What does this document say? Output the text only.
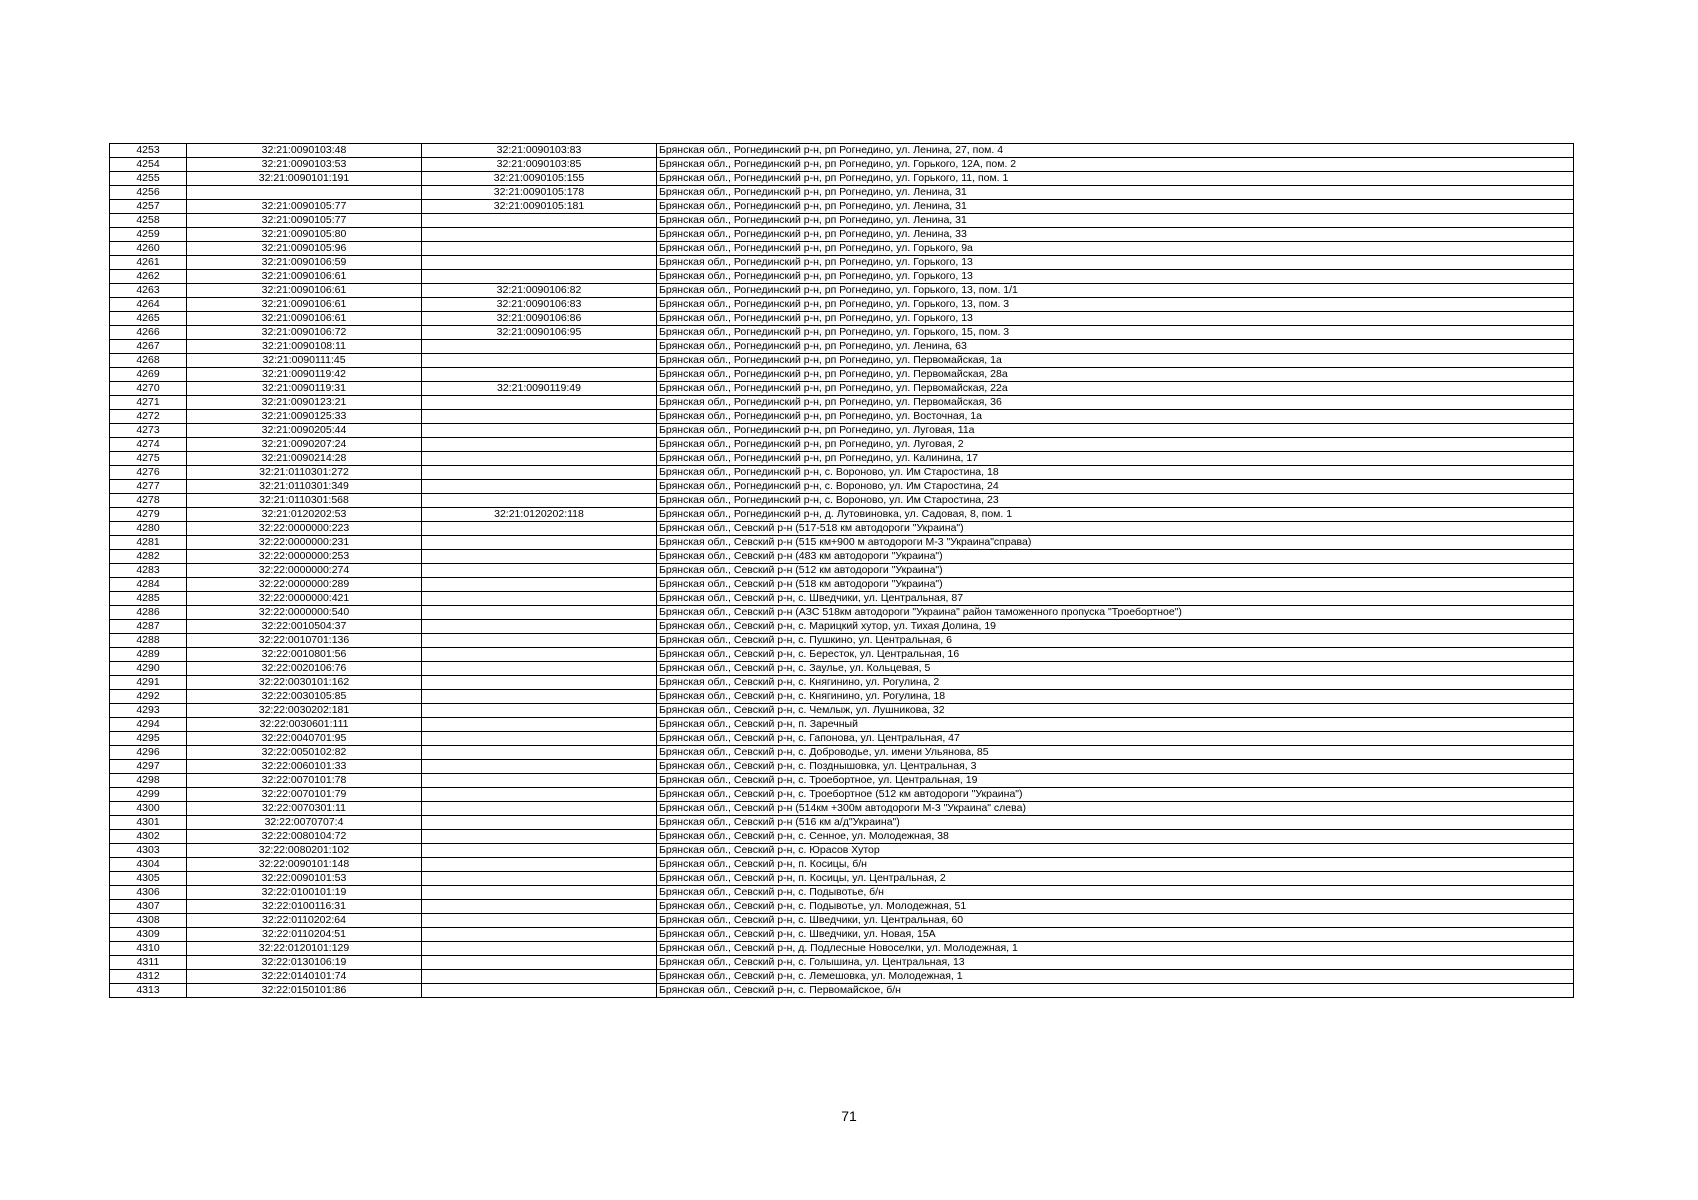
4253	32:21:0090103:48	32:21:0090103:83	Брянская обл., Рогнединский р-н, рп Рогнедино, ул. Ленина, 27, пом. 4
4254	32:21:0090103:53	32:21:0090103:85	Брянская обл., Рогнединский р-н, рп Рогнедино, ул. Горького, 12А, пом. 2
4255	32:21:0090101:191	32:21:0090105:155	Брянская обл., Рогнединский р-н, рп Рогнедино, ул. Горького, 11, пом. 1
4256		32:21:0090105:178	Брянская обл., Рогнединский р-н, рп Рогнедино, ул. Ленина, 31
4257	32:21:0090105:77	32:21:0090105:181	Брянская обл., Рогнединский р-н, рп Рогнедино, ул. Ленина, 31
4258	32:21:0090105:77		Брянская обл., Рогнединский р-н, рп Рогнедино, ул. Ленина, 31
4259	32:21:0090105:80		Брянская обл., Рогнединский р-н, рп Рогнедино, ул. Ленина, 33
4260	32:21:0090105:96		Брянская обл., Рогнединский р-н, рп Рогнедино, ул. Горького, 9а
4261	32:21:0090106:59		Брянская обл., Рогнединский р-н, рп Рогнедино, ул. Горького, 13
4262	32:21:0090106:61		Брянская обл., Рогнединский р-н, рп Рогнедино, ул. Горького, 13
4263	32:21:0090106:61	32:21:0090106:82	Брянская обл., Рогнединский р-н, рп Рогнедино, ул. Горького, 13, пом. 1/1
4264	32:21:0090106:61	32:21:0090106:83	Брянская обл., Рогнединский р-н, рп Рогнедино, ул. Горького, 13, пом. 3
4265	32:21:0090106:61	32:21:0090106:86	Брянская обл., Рогнединский р-н, рп Рогнедино, ул. Горького, 13
4266	32:21:0090106:72	32:21:0090106:95	Брянская обл., Рогнединский р-н, рп Рогнедино, ул. Горького, 15, пом. 3
4267	32:21:0090108:11		Брянская обл., Рогнединский р-н, рп Рогнедино, ул. Ленина, 63
4268	32:21:0090111:45		Брянская обл., Рогнединский р-н, рп Рогнедино, ул. Первомайская, 1а
4269	32:21:0090119:42		Брянская обл., Рогнединский р-н, рп Рогнедино, ул. Первомайская, 28а
4270	32:21:0090119:31	32:21:0090119:49	Брянская обл., Рогнединский р-н, рп Рогнедино, ул. Первомайская, 22а
4271	32:21:0090123:21		Брянская обл., Рогнединский р-н, рп Рогнедино, ул. Первомайская, 36
4272	32:21:0090125:33		Брянская обл., Рогнединский р-н, рп Рогнедино, ул. Восточная, 1а
4273	32:21:0090205:44		Брянская обл., Рогнединский р-н, рп Рогнедино, ул. Луговая, 11а
4274	32:21:0090207:24		Брянская обл., Рогнединский р-н, рп Рогнедино, ул. Луговая, 2
4275	32:21:0090214:28		Брянская обл., Рогнединский р-н, рп Рогнедино, ул. Калинина, 17
4276	32:21:0110301:272		Брянская обл., Рогнединский р-н, с. Вороново, ул. Им Старостина, 18
4277	32:21:0110301:349		Брянская обл., Рогнединский р-н, с. Вороново, ул. Им Старостина, 24
4278	32:21:0110301:568		Брянская обл., Рогнединский р-н, с. Вороново, ул. Им Старостина, 23
4279	32:21:0120202:53	32:21:0120202:118	Брянская обл., Рогнединский р-н, д. Лутовиновка, ул. Садовая, 8, пом. 1
4280	32:22:0000000:223		Брянская обл., Севский р-н (517-518 км автодороги "Украина")
4281	32:22:0000000:231		Брянская обл., Севский р-н (515 км+900 м автодороги М-3 "Украина"справа)
4282	32:22:0000000:253		Брянская обл., Севский р-н (483 км автодороги "Украина")
4283	32:22:0000000:274		Брянская обл., Севский р-н (512 км автодороги "Украина")
4284	32:22:0000000:289		Брянская обл., Севский р-н (518 км автодороги "Украина")
4285	32:22:0000000:421		Брянская обл., Севский р-н, с. Шведчики, ул. Центральная, 87
4286	32:22:0000000:540		Брянская обл., Севский р-н (АЗС 518км автодороги "Украина" район таможенного пропуска "Троебортное")
4287	32:22:0010504:37		Брянская обл., Севский р-н, с. Марицкий хутор, ул. Тихая Долина, 19
4288	32:22:0010701:136		Брянская обл., Севский р-н, с. Пушкино, ул. Центральная, 6
4289	32:22:0010801:56		Брянская обл., Севский р-н, с. Бересток, ул. Центральная, 16
4290	32:22:0020106:76		Брянская обл., Севский р-н, с. Заулье, ул. Кольцевая, 5
4291	32:22:0030101:162		Брянская обл., Севский р-н, с. Княгинино, ул. Рогулина, 2
4292	32:22:0030105:85		Брянская обл., Севский р-н, с. Княгинино, ул. Рогулина, 18
4293	32:22:0030202:181		Брянская обл., Севский р-н, с. Чемлыж, ул. Лушникова, 32
4294	32:22:0030601:111		Брянская обл., Севский р-н, п. Заречный
4295	32:22:0040701:95		Брянская обл., Севский р-н, с. Гапонова, ул. Центральная, 47
4296	32:22:0050102:82		Брянская обл., Севский р-н, с. Доброводье, ул. имени Ульянова, 85
4297	32:22:0060101:33		Брянская обл., Севский р-н, с. Позднышовка, ул. Центральная, 3
4298	32:22:0070101:78		Брянская обл., Севский р-н, с. Троебортное, ул. Центральная, 19
4299	32:22:0070101:79		Брянская обл., Севский р-н, с. Троебортное (512 км автодороги "Украина")
4300	32:22:0070301:11		Брянская обл., Севский р-н (514км +300м автодороги М-3 "Украина" слева)
4301	32:22:0070707:4		Брянская обл., Севский р-н (516 км а/д"Украина")
4302	32:22:0080104:72		Брянская обл., Севский р-н, с. Сенное, ул. Молодежная, 38
4303	32:22:0080201:102		Брянская обл., Севский р-н, с. Юрасов Хутор
4304	32:22:0090101:148		Брянская обл., Севский р-н, п. Косицы, б/н
4305	32:22:0090101:53		Брянская обл., Севский р-н, п. Косицы, ул. Центральная, 2
4306	32:22:0100101:19		Брянская обл., Севский р-н, с. Подывотье, б/н
4307	32:22:0100116:31		Брянская обл., Севский р-н, с. Подывотье, ул. Молодежная, 51
4308	32:22:0110202:64		Брянская обл., Севский р-н, с. Шведчики, ул. Центральная, 60
4309	32:22:0110204:51		Брянская обл., Севский р-н, с. Шведчики, ул. Новая, 15А
4310	32:22:0120101:129		Брянская обл., Севский р-н, д. Подлесные Новоселки, ул. Молодежная, 1
4311	32:22:0130106:19		Брянская обл., Севский р-н, с. Голышина, ул. Центральная, 13
4312	32:22:0140101:74		Брянская обл., Севский р-н, с. Лемешовка, ул. Молодежная, 1
4313	32:22:0150101:86		Брянская обл., Севский р-н, с. Первомайское, б/н
71
